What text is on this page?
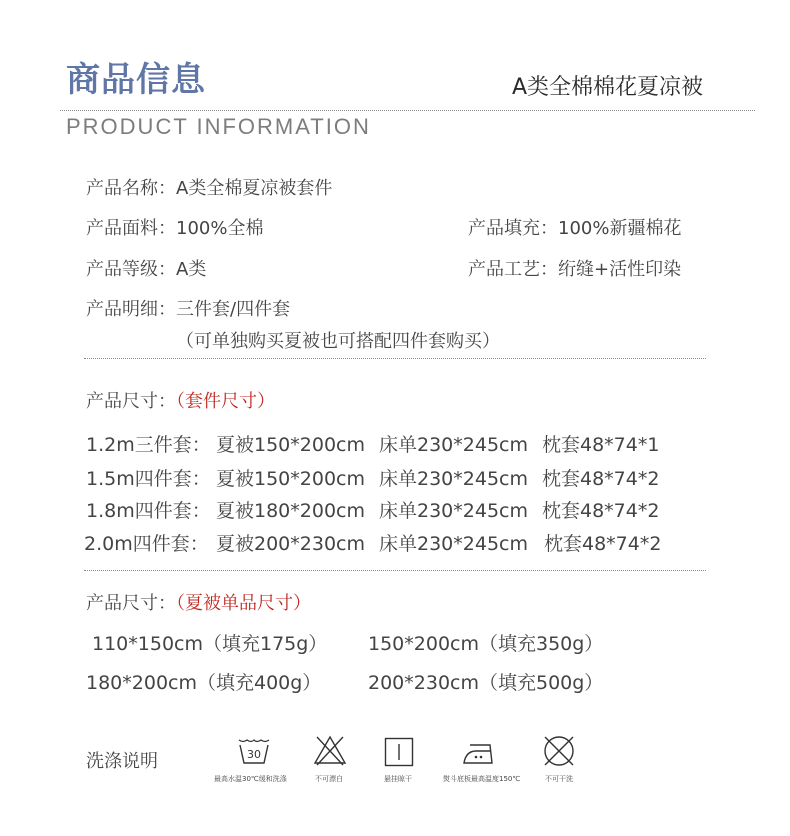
商品信息	A类全棉棉花夏凉被
PRODUCT INFORMATION
产品名称：A类全棉夏凉被套件
产品面料：100%全棉	产品填充：100%新疆棉花
产品等级：A类	产品工艺：绗缝+活性印染
产品明细：三件套/四件套
（可单独购买夏被也可搭配四件套购买）
产品尺寸：（套件尺寸）
1.2m三件套： 夏被150*200cm 床单230*245cm 枕套48*74*1
1.5m四件套： 夏被150*200cm 床单230*245cm 枕套48*74*2
1.8m四件套： 夏被180*200cm 床单230*245cm 枕套48*74*2
2.0m四件套： 夏被200*230cm 床单230*245cm 枕套48*74*2
产品尺寸：（夏被单品尺寸）
110*150cm（填充175g） 150*200cm（填充350g）
180*200cm（填充400g） 200*230cm（填充500g）
洗涤说明	30
最高水温30℃缓和洗涤	不可漂白	悬挂晾干	熨斗底板最高温度150℃	不可干洗
